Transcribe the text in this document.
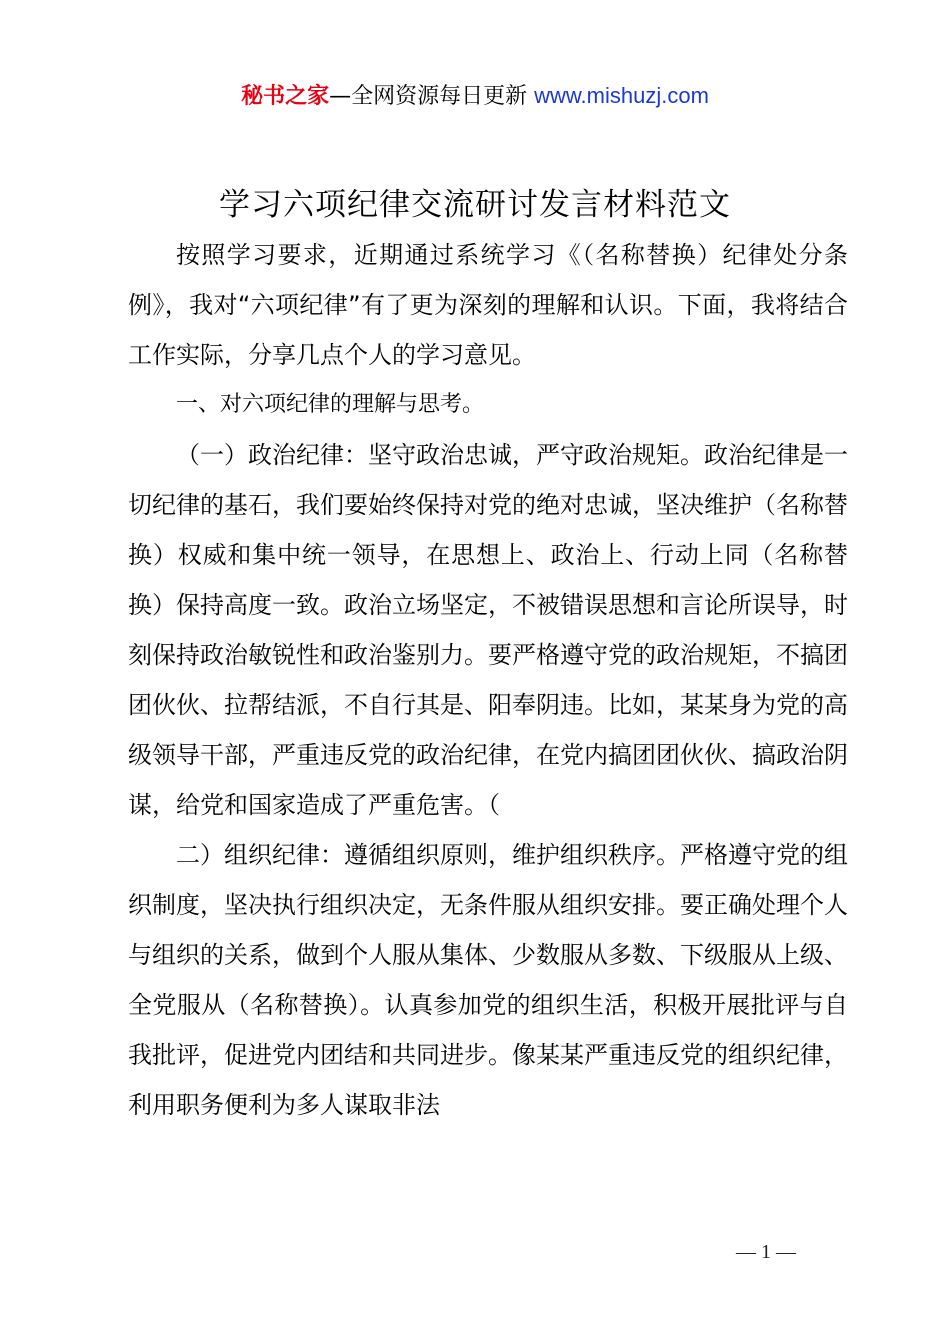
秘书之家—全网资源每日更新 www.mishuzj.com
学习六项纪律交流研讨发言材料范文

按照学习要求，近期通过系统学习《（名称替换）纪律处分条例》，我对“六项纪律”有了更为深刻的理解和认识。下面，我将结合工作实际，分享几点个人的学习意见。

一、对六项纪律的理解与思考。

（一）政治纪律：坚守政治忠诚，严守政治规矩。政治纪律是一切纪律的基石，我们要始终保持对党的绝对忠诚，坚决维护（名称替换）权威和集中统一领导，在思想上、政治上、行动上同（名称替换）保持高度一致。政治立场坚定，不被错误思想和言论所误导，时刻保持政治敏锐性和政治鉴别力。要严格遵守党的政治规矩，不搞团团伙伙、拉帮结派，不自行其是、阳奉阴违。比如，某某身为党的高级领导干部，严重违反党的政治纪律，在党内搞团团伙伙、搞政治阴谋，给党和国家造成了严重危害。（

二）组织纪律：遵循组织原则，维护组织秩序。严格遵守党的组织制度，坚决执行组织决定，无条件服从组织安排。要正确处理个人与组织的关系，做到个人服从集体、少数服从多数、下级服从上级、全党服从（名称替换）。认真参加党的组织生活，积极开展批评与自我批评，促进党内团结和共同进步。像某某严重违反党的组织纪律，利用职务便利为多人谋取非法

— 1 —
